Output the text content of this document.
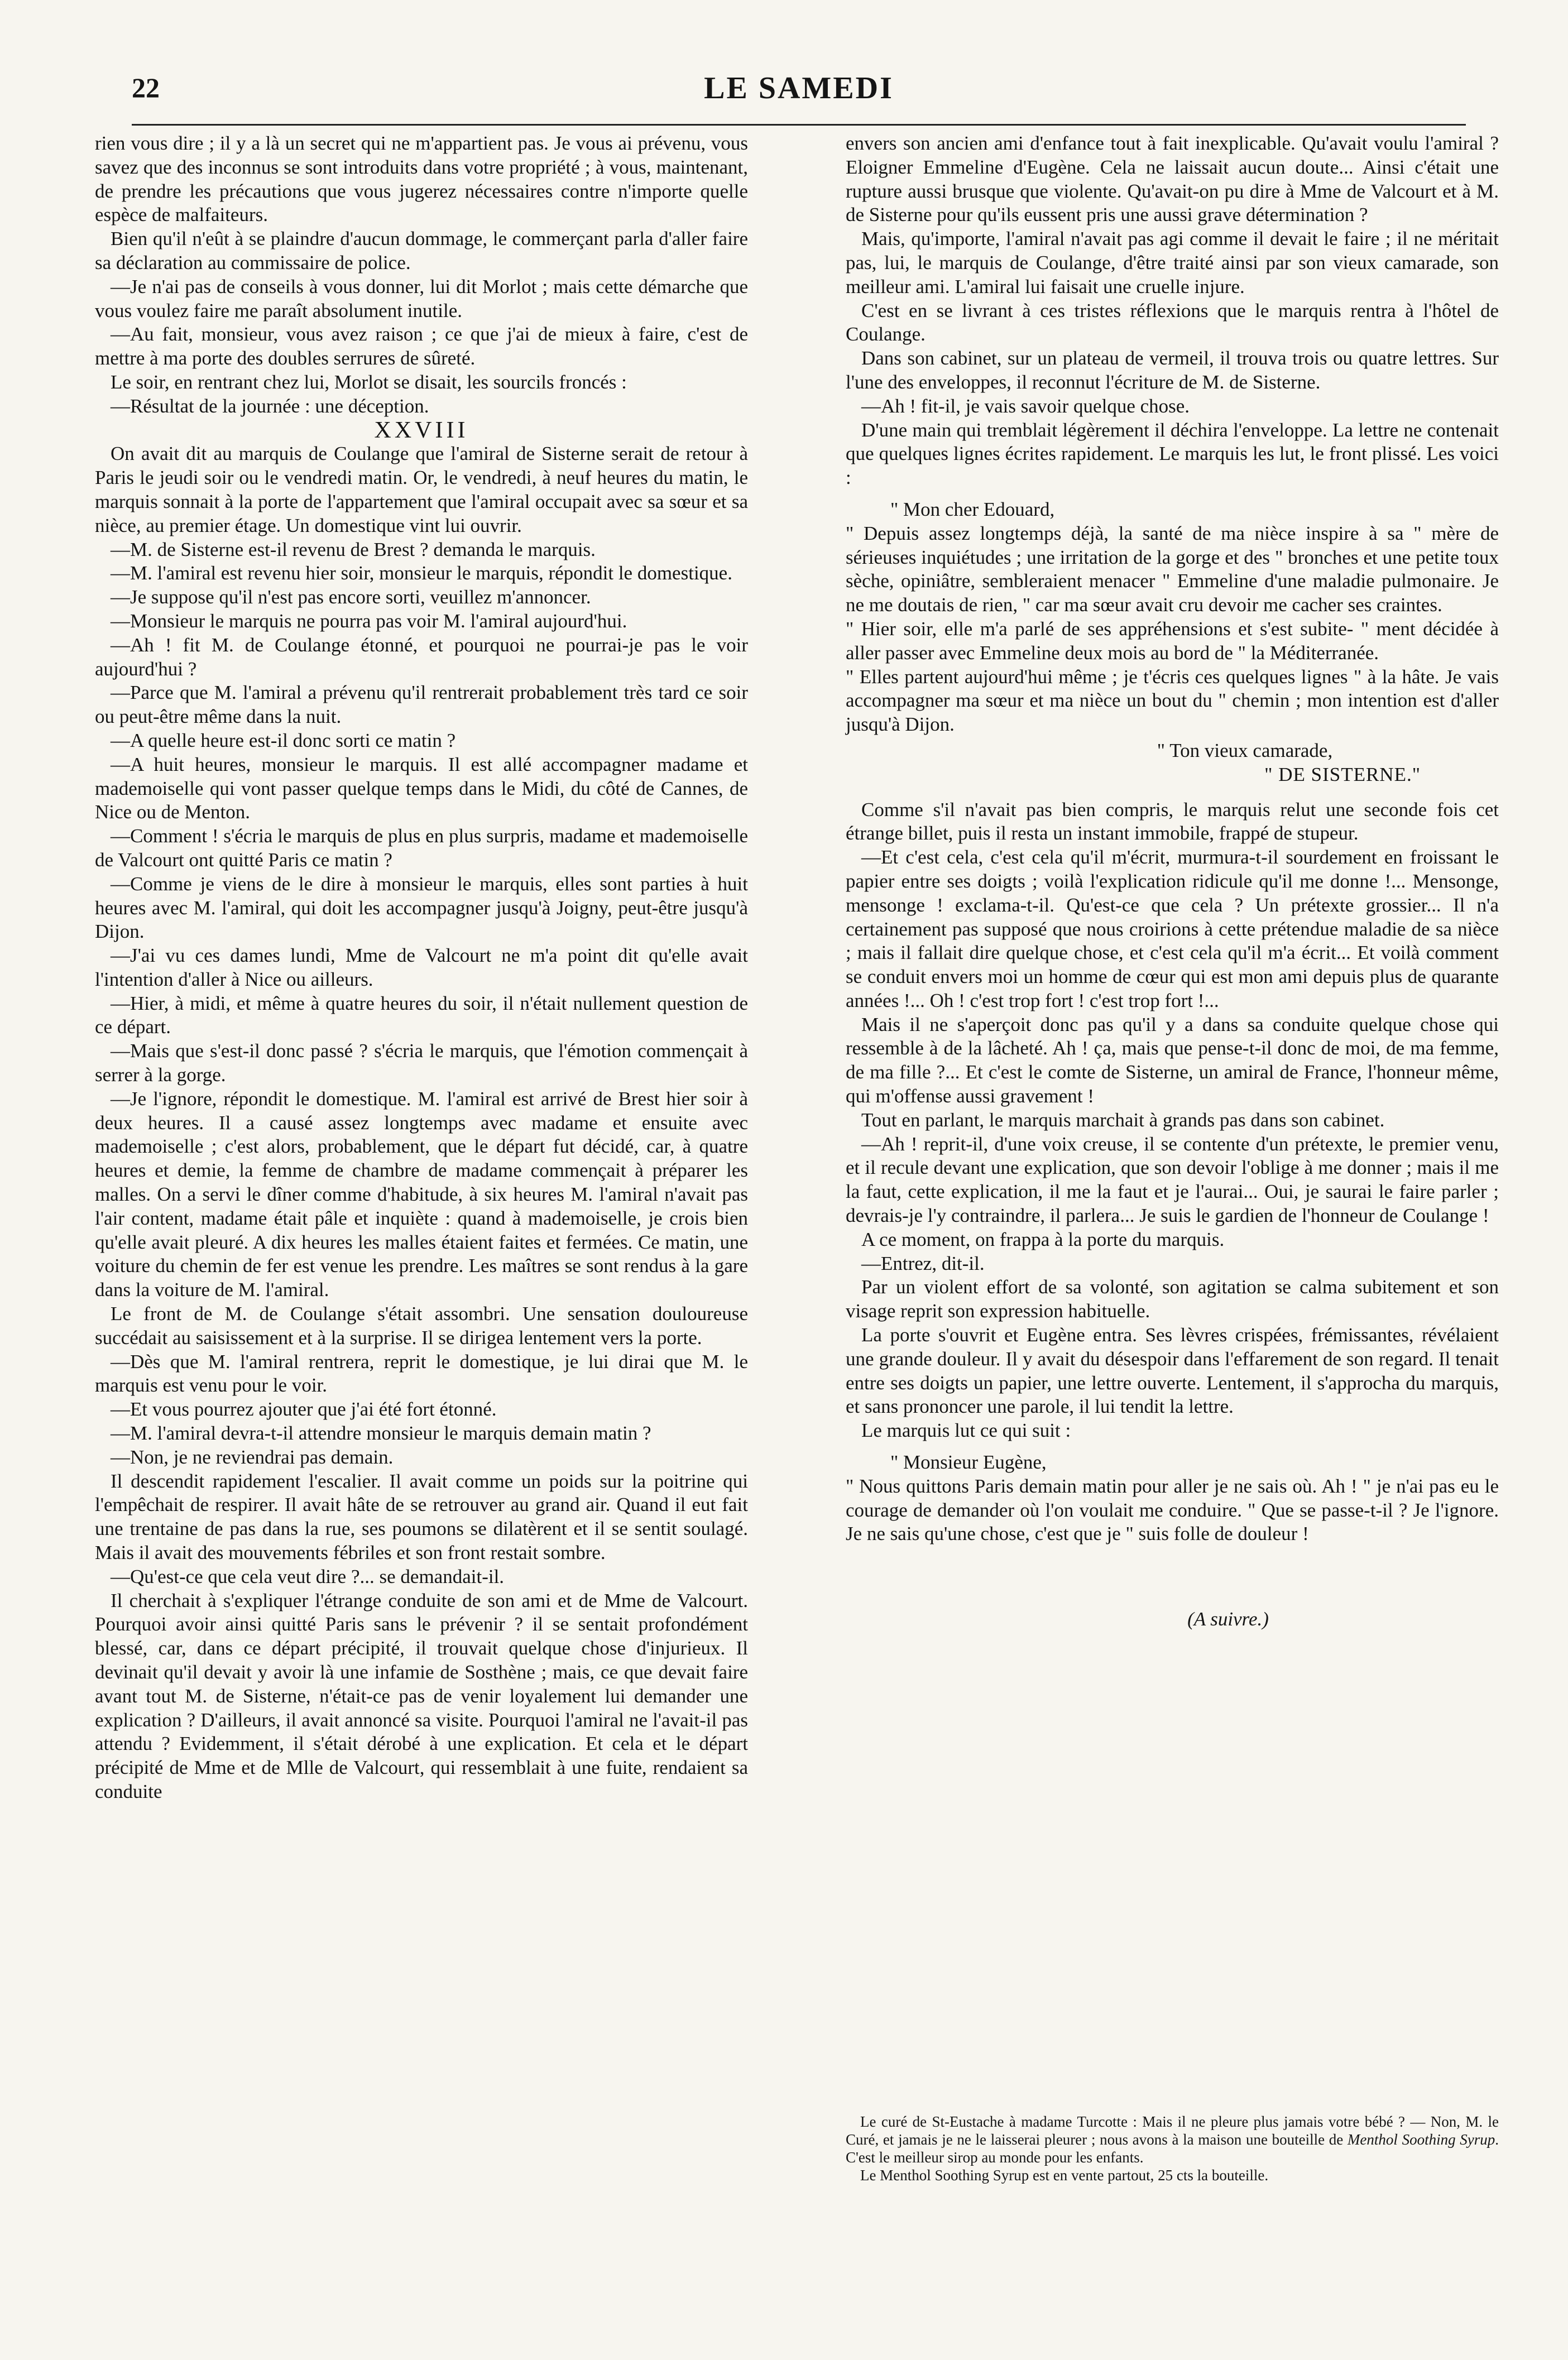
22	LE SAMEDI

rien vous dire ; il y a là un secret qui ne m'appartient pas. Je vous ai prévenu, vous savez que des inconnus se sont introduits dans votre propriété ; à vous, maintenant, de prendre les précautions que vous jugerez nécessaires contre n'importe quelle espèce de malfaiteurs.

Bien qu'il n'eût à se plaindre d'aucun dommage, le commerçant parla d'aller faire sa déclaration au commissaire de police.

—Je n'ai pas de conseils à vous donner, lui dit Morlot ; mais cette démarche que vous voulez faire me paraît absolument inutile.

—Au fait, monsieur, vous avez raison ; ce que j'ai de mieux à faire, c'est de mettre à ma porte des doubles serrures de sûreté.

Le soir, en rentrant chez lui, Morlot se disait, les sourcils froncés :

—Résultat de la journée : une déception.

XXVIII

On avait dit au marquis de Coulange que l'amiral de Sisterne serait de retour à Paris le jeudi soir ou le vendredi matin. Or, le vendredi, à neuf heures du matin, le marquis sonnait à la porte de l'appartement que l'amiral occupait avec sa sœur et sa nièce, au premier étage. Un domestique vint lui ouvrir.

—M. de Sisterne est-il revenu de Brest ? demanda le marquis.

—M. l'amiral est revenu hier soir, monsieur le marquis, répondit le domestique.

—Je suppose qu'il n'est pas encore sorti, veuillez m'annoncer.

—Monsieur le marquis ne pourra pas voir M. l'amiral aujourd'hui.

—Ah ! fit M. de Coulange étonné, et pourquoi ne pourrai-je pas le voir aujourd'hui ?

—Parce que M. l'amiral a prévenu qu'il rentrerait probablement très tard ce soir ou peut-être même dans la nuit.

—A quelle heure est-il donc sorti ce matin ?

—A huit heures, monsieur le marquis. Il est allé accompagner madame et mademoiselle qui vont passer quelque temps dans le Midi, du côté de Cannes, de Nice ou de Menton.

—Comment ! s'écria le marquis de plus en plus surpris, madame et mademoiselle de Valcourt ont quitté Paris ce matin ?

—Comme je viens de le dire à monsieur le marquis, elles sont parties à huit heures avec M. l'amiral, qui doit les accompagner jusqu'à Joigny, peut-être jusqu'à Dijon.

—J'ai vu ces dames lundi, Mme de Valcourt ne m'a point dit qu'elle avait l'intention d'aller à Nice ou ailleurs.

—Hier, à midi, et même à quatre heures du soir, il n'était nullement question de ce départ.

—Mais que s'est-il donc passé ? s'écria le marquis, que l'émotion commençait à serrer à la gorge.

—Je l'ignore, répondit le domestique. M. l'amiral est arrivé de Brest hier soir à deux heures. Il a causé assez longtemps avec madame et ensuite avec mademoiselle ; c'est alors, probablement, que le départ fut décidé, car, à quatre heures et demie, la femme de chambre de madame commençait à préparer les malles. On a servi le dîner comme d'habitude, à six heures M. l'amiral n'avait pas l'air content, madame était pâle et inquiète : quand à mademoiselle, je crois bien qu'elle avait pleuré. A dix heures les malles étaient faites et fermées. Ce matin, une voiture du chemin de fer est venue les prendre. Les maîtres se sont rendus à la gare dans la voiture de M. l'amiral.

Le front de M. de Coulange s'était assombri. Une sensation douloureuse succédait au saisissement et à la surprise. Il se dirigea lentement vers la porte.

—Dès que M. l'amiral rentrera, reprit le domestique, je lui dirai que M. le marquis est venu pour le voir.

—Et vous pourrez ajouter que j'ai été fort étonné.

—M. l'amiral devra-t-il attendre monsieur le marquis demain matin ?

—Non, je ne reviendrai pas demain.

Il descendit rapidement l'escalier. Il avait comme un poids sur la poitrine qui l'empêchait de respirer. Il avait hâte de se retrouver au grand air. Quand il eut fait une trentaine de pas dans la rue, ses poumons se dilatèrent et il se sentit soulagé. Mais il avait des mouvements fébriles et son front restait sombre.

—Qu'est-ce que cela veut dire ?... se demandait-il.

Il cherchait à s'expliquer l'étrange conduite de son ami et de Mme de Valcourt. Pourquoi avoir ainsi quitté Paris sans le prévenir ? il se sentait profondément blessé, car, dans ce départ précipité, il trouvait quelque chose d'injurieux. Il devinait qu'il devait y avoir là une infamie de Sosthène ; mais, ce que devait faire avant tout M. de Sisterne, n'était-ce pas de venir loyalement lui demander une explication ? D'ailleurs, il avait annoncé sa visite. Pourquoi l'amiral ne l'avait-il pas attendu ? Evidemment, il s'était dérobé à une explication. Et cela et le départ précipité de Mme et de Mlle de Valcourt, qui ressemblait à une fuite, rendaient sa conduite

envers son ancien ami d'enfance tout à fait inexplicable. Qu'avait voulu l'amiral ? Eloigner Emmeline d'Eugène. Cela ne laissait aucun doute... Ainsi c'était une rupture aussi brusque que violente. Qu'avait-on pu dire à Mme de Valcourt et à M. de Sisterne pour qu'ils eussent pris une aussi grave détermination ?

Mais, qu'importe, l'amiral n'avait pas agi comme il devait le faire ; il ne méritait pas, lui, le marquis de Coulange, d'être traité ainsi par son vieux camarade, son meilleur ami. L'amiral lui faisait une cruelle injure.

C'est en se livrant à ces tristes réflexions que le marquis rentra à l'hôtel de Coulange.

Dans son cabinet, sur un plateau de vermeil, il trouva trois ou quatre lettres. Sur l'une des enveloppes, il reconnut l'écriture de M. de Sisterne.

—Ah ! fit-il, je vais savoir quelque chose.

D'une main qui tremblait légèrement il déchira l'enveloppe. La lettre ne contenait que quelques lignes écrites rapidement. Le marquis les lut, le front plissé. Les voici :

" Mon cher Edouard,

" Depuis assez longtemps déjà, la santé de ma nièce inspire à sa " mère de sérieuses inquiétudes ; une irritation de la gorge et des " bronches et une petite toux sèche, opiniâtre, sembleraient menacer " Emmeline d'une maladie pulmonaire. Je ne me doutais de rien, " car ma sœur avait cru devoir me cacher ses craintes.

" Hier soir, elle m'a parlé de ses appréhensions et s'est subite- " ment décidée à aller passer avec Emmeline deux mois au bord de " la Méditerranée.

" Elles partent aujourd'hui même ; je t'écris ces quelques lignes " à la hâte. Je vais accompagner ma sœur et ma nièce un bout du " chemin ; mon intention est d'aller jusqu'à Dijon.

" Ton vieux camarade,

" DE SISTERNE."

Comme s'il n'avait pas bien compris, le marquis relut une seconde fois cet étrange billet, puis il resta un instant immobile, frappé de stupeur.

—Et c'est cela, c'est cela qu'il m'écrit, murmura-t-il sourdement en froissant le papier entre ses doigts ; voilà l'explication ridicule qu'il me donne !... Mensonge, mensonge ! exclama-t-il. Qu'est-ce que cela ? Un prétexte grossier... Il n'a certainement pas supposé que nous croirions à cette prétendue maladie de sa nièce ; mais il fallait dire quelque chose, et c'est cela qu'il m'a écrit... Et voilà comment se conduit envers moi un homme de cœur qui est mon ami depuis plus de quarante années !... Oh ! c'est trop fort ! c'est trop fort !...

Mais il ne s'aperçoit donc pas qu'il y a dans sa conduite quelque chose qui ressemble à de la lâcheté. Ah ! ça, mais que pense-t-il donc de moi, de ma femme, de ma fille ?... Et c'est le comte de Sisterne, un amiral de France, l'honneur même, qui m'offense aussi gravement !

Tout en parlant, le marquis marchait à grands pas dans son cabinet.

—Ah ! reprit-il, d'une voix creuse, il se contente d'un prétexte, le premier venu, et il recule devant une explication, que son devoir l'oblige à me donner ; mais il me la faut, cette explication, il me la faut et je l'aurai... Oui, je saurai le faire parler ; devrais-je l'y contraindre, il parlera... Je suis le gardien de l'honneur de Coulange !

A ce moment, on frappa à la porte du marquis.

—Entrez, dit-il.

Par un violent effort de sa volonté, son agitation se calma subitement et son visage reprit son expression habituelle.

La porte s'ouvrit et Eugène entra. Ses lèvres crispées, frémissantes, révélaient une grande douleur. Il y avait du désespoir dans l'effarement de son regard. Il tenait entre ses doigts un papier, une lettre ouverte. Lentement, il s'approcha du marquis, et sans prononcer une parole, il lui tendit la lettre.

Le marquis lut ce qui suit :

" Monsieur Eugène,

" Nous quittons Paris demain matin pour aller je ne sais où. Ah ! " je n'ai pas eu le courage de demander où l'on voulait me conduire. " Que se passe-t-il ? Je l'ignore. Je ne sais qu'une chose, c'est que je " suis folle de douleur !

(A suivre.)

Le curé de St-Eustache à madame Turcotte : Mais il ne pleure plus jamais votre bébé ? — Non, M. le Curé, et jamais je ne le laisserai pleurer ; nous avons à la maison une bouteille de Menthol Soothing Syrup. C'est le meilleur sirop au monde pour les enfants.

Le Menthol Soothing Syrup est en vente partout, 25 cts la bouteille.
